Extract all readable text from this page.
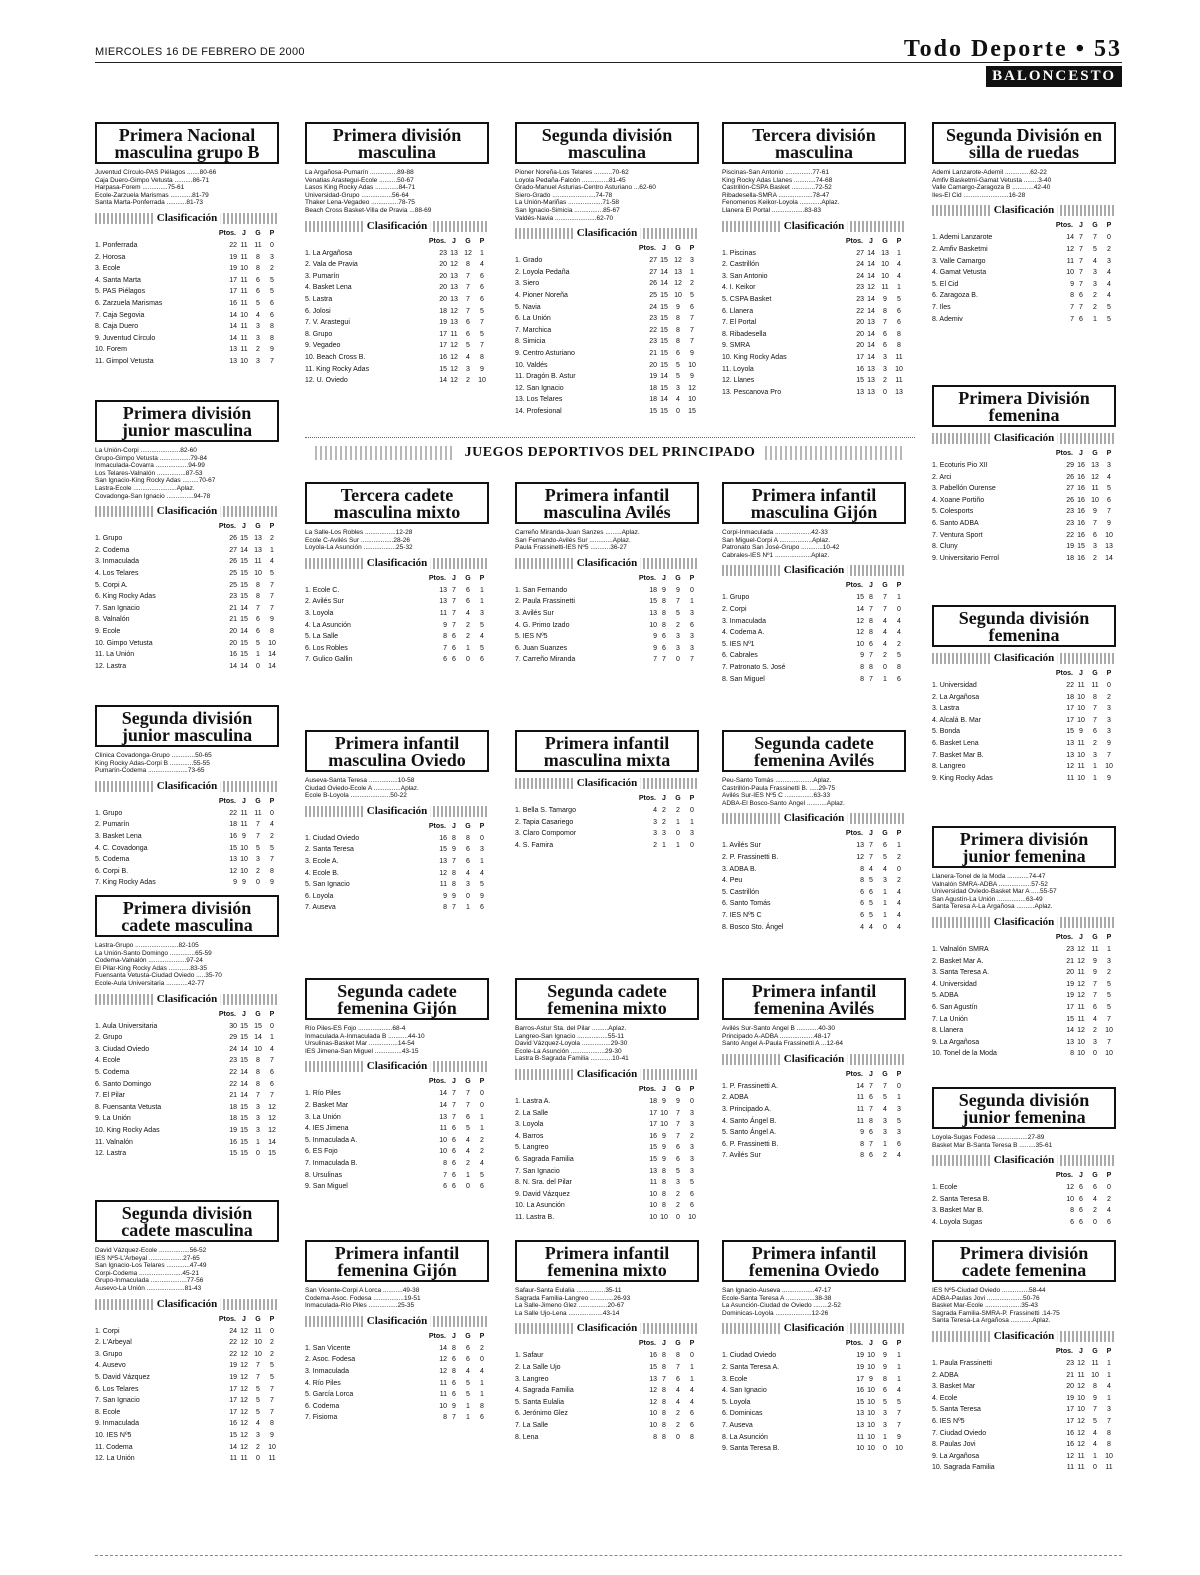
MIERCOLES 16 DE FEBRERO DE 2000	Todo Deporte • 53
BALONCESTO
JUEGOS DEPORTIVOS DEL PRINCIPADO
Primera Nacional masculina grupo B
Juventud Círculo-PAS Piélagos .......80-66
Caja Duero-Gimpo Vetusta ..........86-71
Harpasa-Forem ..............75-61
Ecole-Zarzuela Marismas ............81-79
Santa Marta-Ponferrada ...........81-73
Clasificación
	Ptos.	J	G	P
1. Ponferrada	22	11	11	0
2. Horosa	19	11	8	3
3. Ecole	19	10	8	2
4. Santa Marta	17	11	6	5
5. PAS Piélagos	17	11	6	5
6. Zarzuela Marismas	16	11	5	6
7. Caja Segovia	14	10	4	6
8. Caja Duero	14	11	3	8
9. Juventud Círculo	14	11	3	8
10. Forem	13	11	2	9
11. Gimpol Vetusta	13	10	3	7
Primera división masculina
La Argañosa-Pumarín ...............89-88
Venatias Arastegui-Ecole ..........50-67
Lasos King Rocky Adas .............84-71
Universidad-Grupo .................56-64
Thaker Lena-Vegadeo ...............78-75
Beach Cross Basket-Villa de Pravia ...88-69
Clasificación
	Ptos.	J	G	P
1. La Argañosa	23	13	12	1
2. Vala de Pravia	20	12	8	4
3. Pumarín	20	13	7	6
4. Basket Lena	20	13	7	6
5. Lastra	20	13	7	6
6. Jolosi	18	12	7	5
7. V. Arastegui	19	13	6	7
8. Grupo	17	11	6	5
9. Vegadeo	17	12	5	7
10. Beach Cross B.	16	12	4	8
11. King Rocky Adas	15	12	3	9
12. U. Oviedo	14	12	2	10
Segunda división masculina
Pioner Noreña-Los Telares ..........70-62
Loyola Pedaña-Falcón ...............81-45
Grado-Manuel Asturias-Centro Asturiano ...62-60
Siero-Grado ........................74-78
La Unión-Mariñas ...................71-58
San Ignacio-Simicia ................85-67
Valdés-Navia .......................62-70
Clasificación
	Ptos.	J	G	P
1. Grado	27	15	12	3
2. Loyola Pedaña	27	14	13	1
3. Siero	26	14	12	2
4. Pioner Noreña	25	15	10	5
5. Navia	24	15	9	6
6. La Unión	23	15	8	7
7. Marchica	22	15	8	7
8. Simicia	23	15	8	7
9. Centro Asturiano	21	15	6	9
10. Valdés	20	15	5	10
11. Dragón B. Astur	19	14	5	9
12. San Ignacio	18	15	3	12
13. Los Telares	18	14	4	10
14. Profesional	15	15	0	15
Tercera división masculina
Piscinas-San Antonio ...............77-61
King Rocky Adas Llanes ............74-68
Castrillón-CSPA Basket .............72-52
Ribadesella-SMRA ...................78-47
Fenomenos Keikor-Loyola ............Aplaz.
Llanera El Portal ..................83-83
Clasificación
	Ptos.	J	G	P
1. Piscinas	27	14	13	1
2. Castrillón	24	14	10	4
3. San Antonio	24	14	10	4
4. I. Keikor	23	12	11	1
5. CSPA Basket	23	14	9	5
6. Llanera	22	14	8	6
7. El Portal	20	13	7	6
8. Ribadesella	20	14	6	8
9. SMRA	20	14	6	8
10. King Rocky Adas	17	14	3	11
11. Loyola	16	13	3	10
12. Llanes	15	13	2	11
13. Pescanova Pro	13	13	0	13
Segunda División en silla de ruedas
Ademi Lanzarote-Ademil ..............62-22
Amfiv Basketmi-Gamat Vetusta ........3-40
Valle Camargo-Zaragoza B ............42-40
Iles-El Cid .........................16-28
Clasificación
	Ptos.	J	G	P
1. Ademi Lanzarote	14	7	7	0
2. Amfiv Basketmi	12	7	5	2
3. Valle Camargo	11	7	4	3
4. Gamat Vetusta	10	7	3	4
5. El Cid	9	7	3	4
6. Zaragoza B.	8	6	2	4
7. Iles	7	7	2	5
8. Ademiv	7	6	1	5
Primera división junior masculina
La Unión-Corpi ......................82-60
Grupo-Gimpo Vetusta .................79-84
Inmaculada-Covarra ..................94-99
Los Telares-Valnalón ................87-53
San Ignacio-King Rocky Adas .........70-67
Lastra-Ecole ........................Aplaz.
Covadonga-San Ignacio ...............94-78
Clasificación
	Ptos.	J	G	P
1. Grupo	26	15	13	2
2. Codema	27	14	13	1
3. Inmaculada	26	15	11	4
4. Los Telares	25	15	10	5
5. Corpi A.	25	15	8	7
6. King Rocky Adas	23	15	8	7
7. San Ignacio	21	14	7	7
8. Valnalón	21	15	6	9
9. Ecole	20	14	6	8
10. Gimpo Vetusta	20	15	5	10
11. La Unión	16	15	1	14
12. Lastra	14	14	0	14
Segunda división junior masculina
Clinica Covadonga-Grupo .............50-65
King Rocky Adas-Corpi B .............55-55
Pumarín-Codema ......................73-65
Clasificación
	Ptos.	J	G	P
1. Grupo	22	11	11	0
2. Pumarín	18	11	7	4
3. Basket Lena	16	9	7	2
4. C. Covadonga	15	10	5	5
5. Codema	13	10	3	7
6. Corpi B.	12	10	2	8
7. King Rocky Adas	9	9	0	9
Primera división cadete masculina
Lastra-Grupo ........................82-105
La Unión-Santo Domingo ..............65-59
Codema-Valnalón .....................97-24
El Pilar-King Rocky Adas ............83-35
Fuensanta Vetusta-Ciudad Oviedo .....35-70
Ecole-Aula Universitaria ............42-77
Clasificación
	Ptos.	J	G	P
1. Aula Universitaria	30	15	15	0
2. Grupo	29	15	14	1
3. Ciudad Oviedo	24	14	10	4
4. Ecole	23	15	8	7
5. Codema	22	14	8	6
6. Santo Domingo	22	14	8	6
7. El Pilar	21	14	7	7
8. Fuensanta Vetusta	18	15	3	12
9. La Unión	18	15	3	12
10. King Rocky Adas	19	15	3	12
11. Valnalón	16	15	1	14
12. Lastra	15	15	0	15
Segunda división cadete masculina
David Vázquez-Ecole .................56-52
IES Nº5-L'Arbeyal ...................27-65
San Ignacio-Los Telares .............47-49
Corpi-Codema ........................45-21
Grupo-Inmaculada ....................77-56
Ausevo-La Unión .....................81-43
Clasificación
	Ptos.	J	G	P
1. Corpi	24	12	11	0
2. L'Arbeyal	22	12	10	2
3. Grupo	22	12	10	2
4. Ausevo	19	12	7	5
5. David Vázquez	19	12	7	5
6. Los Telares	17	12	5	7
7. San Ignacio	17	12	5	7
8. Ecole	17	12	5	7
9. Inmaculada	16	12	4	8
10. IES Nº5	15	12	3	9
11. Codema	14	12	2	10
12. La Unión	11	11	0	11
Tercera cadete masculina mixto
La Salle-Los Robles .................12-28
Ecole C-Avilés Sur ..................28-26
Loyola-La Asunción ..................25-32
Clasificación
	Ptos.	J	G	P
1. Ecole C.	13	7	6	1
2. Avilés Sur	13	7	6	1
3. Loyola	11	7	4	3
4. La Asunción	9	7	2	5
5. La Salle	8	6	2	4
6. Los Robles	7	6	1	5
7. Gulico Gallin	6	6	0	6
Primera infantil masculina Avilés
Carreño Miranda-Juan Sanzes .........Aplaz.
San Fernando-Avilés Sur .............Aplaz.
Paula Frassinetti-IES Nº5 ...........36-27
Clasificación
	Ptos.	J	G	P
1. San Fernando	18	9	9	0
2. Paula Frassinetti	15	8	7	1
3. Avilés Sur	13	8	5	3
4. G. Primo Izado	10	8	2	6
5. IES Nº5	9	6	3	3
6. Juan Suanzes	9	6	3	3
7. Carreño Miranda	7	7	0	7
Primera infantil masculina Gijón
Corpi-Inmaculada ....................42-33
San Miguel-Corpi A ..................Aplaz.
Patronato San José-Grupo ............10-42
Cabrales-IES Nº1 ....................Aplaz.
Clasificación
	Ptos.	J	G	P
1. Grupo	15	8	7	1
2. Corpi	14	7	7	0
3. Inmaculada	12	8	4	4
4. Codema A.	12	8	4	4
5. IES Nº1	10	6	4	2
6. Cabrales	9	7	2	5
7. Patronato S. José	8	8	0	8
8. San Miguel	8	7	1	6
Primera infantil masculina Oviedo
Auseva-Santa Teresa ................10-58
Ciudad Oviedo-Ecole A ...............Aplaz.
Ecole B-Loyola ......................50-22
Clasificación
	Ptos.	J	G	P
1. Ciudad Oviedo	16	8	8	0
2. Santa Teresa	15	9	6	3
3. Ecole A.	13	7	6	1
4. Ecole B.	12	8	4	4
5. San Ignacio	11	8	3	5
6. Loyola	9	9	0	9
7. Auseva	8	7	1	6
Primera infantil masculina mixta
Clasificación
	Ptos.	J	G	P
1. Bella S. Tamargo	4	2	2	0
2. Tapia Casariego	3	2	1	1
3. Claro Compomor	3	3	0	3
4. S. Famira	2	1	1	0
Segunda cadete femenina Avilés
Peu-Santo Tomás .....................Aplaz.
Castrillón-Paula Frassinetti B. .....29-75
Avilés Sur-IES Nº5 C ................63-33
ADBA-El Bosco-Santo Ángel ...........Aplaz.
Clasificación
	Ptos.	J	G	P
1. Avilés Sur	13	7	6	1
2. P. Frassinetti B.	12	7	5	2
3. ADBA B.	8	4	4	0
4. Peu	8	5	3	2
5. Castrillón	6	6	1	4
6. Santo Tomás	6	5	1	4
7. IES Nº5 C	6	5	1	4
8. Bosco Sto. Ángel	4	4	0	4
Segunda cadete femenina Gijón
Río Piles-ES Fojo ...................68-4
Inmaculada A-Inmaculada B ...........44-10
Ursulinas-Basket Mar ................14-54
IES Jimena-San Miguel ...............43-15
Clasificación
	Ptos.	J	G	P
1. Río Piles	14	7	7	0
2. Basket Mar	14	7	7	0
3. La Unión	13	7	6	1
4. IES Jimena	11	6	5	1
5. Inmaculada A.	10	6	4	2
6. ES Fojo	10	6	4	2
7. Inmaculada B.	8	6	2	4
8. Ursulinas	7	6	1	5
9. San Miguel	6	6	0	6
Segunda cadete femenina mixto
Barros-Astur Sta. del Pilar .........Aplaz.
Langreo-San Ignacio .................55-11
David Vázquez-Loyola ................29-30
Ecole-La Asunción ...................29-30
Lastra B-Sagrada Familia ............10-41
Clasificación
	Ptos.	J	G	P
1. Lastra A.	18	9	9	0
2. La Salle	17	10	7	3
3. Loyola	17	10	7	3
4. Barros	16	9	7	2
5. Langreo	15	9	6	3
6. Sagrada Familia	15	9	6	3
7. San Ignacio	13	8	5	3
8. N. Sra. del Pilar	11	8	3	5
9. David Vázquez	10	8	2	6
10. La Asunción	10	8	2	6
11. Lastra B.	10	10	0	10
Primera infantil femenina Avilés
Avilés Sur-Santo Ángel B ............40-30
Principado A-ADBA ...................48-17
Santo Ángel A-Paula Frassinetti A ...12-64
Clasificación
	Ptos.	J	G	P
1. P. Frassinetti A.	14	7	7	0
2. ADBA	11	6	5	1
3. Principado A.	11	7	4	3
4. Santo Ángel B.	11	8	3	5
5. Santo Ángel A.	9	6	3	3
6. P. Frassinetti B.	8	7	1	6
7. Avilés Sur	8	6	2	4
Primera infantil femenina Gijón
San Vicente-Corpi A Lorca ...........49-38
Codema-Asoc. Fodesa .................19-51
Inmaculada-Río Piles ................25-35
Clasificación
	Ptos.	J	G	P
1. San Vicente	14	8	6	2
2. Asoc. Fodesa	12	6	6	0
3. Inmaculada	12	8	4	4
4. Río Piles	11	6	5	1
5. García Lorca	11	6	5	1
6. Codema	10	9	1	8
7. Fisioma	8	7	1	6
Primera infantil femenina mixto
Safaur-Santa Eulalia ................35-11
Sagrada Familia-Langreo .............26-93
La Salle-Jimeno Glez ................20-67
La Salle Ujo-Lena ...................43-14
Clasificación
	Ptos.	J	G	P
1. Safaur	16	8	8	0
2. La Salle Ujo	15	8	7	1
3. Langreo	13	7	6	1
4. Sagrada Familia	12	8	4	4
5. Santa Eulalia	12	8	4	4
6. Jerónimo Glez	10	8	2	6
7. La Salle	10	8	2	6
8. Lena	8	8	0	8
Primera infantil femenina Oviedo
San Ignacio-Auseva ..................47-17
Ecole-Santa Teresa A ................38-38
La Asunción-Ciudad de Oviedo ........2-52
Dominicas-Loyola ....................12-26
Clasificación
	Ptos.	J	G	P
1. Ciudad Oviedo	19	10	9	1
2. Santa Teresa A.	19	10	9	1
3. Ecole	17	9	8	1
4. San Ignacio	16	10	6	4
5. Loyola	15	10	5	5
6. Dominicas	13	10	3	7
7. Auseva	13	10	3	7
8. La Asunción	11	10	1	9
9. Santa Teresa B.	10	10	0	10
Primera División femenina
Clasificación
	Ptos.	J	G	P
1. Ecoturis Pio XII	29	16	13	3
2. Arci	26	16	12	4
3. Pabellón Ourense	27	16	11	5
4. Xoane Portiño	26	16	10	6
5. Colesports	23	16	9	7
6. Santo ADBA	23	16	7	9
7. Ventura Sport	22	16	6	10
8. Cluny	19	15	3	13
9. Universitario Ferrol	18	16	2	14
Segunda división femenina
Clasificación
	Ptos.	J	G	P
1. Universidad	22	11	11	0
2. La Argañosa	18	10	8	2
3. Lastra	17	10	7	3
4. Alcalá B. Mar	17	10	7	3
5. Bonda	15	9	6	3
6. Basket Lena	13	11	2	9
7. Basket Mar B.	13	10	3	7
8. Langreo	12	11	1	10
9. King Rocky Adas	11	10	1	9
Primera división junior femenina
Llanera-Tonel de la Moda ............74-47
Valnalón SMRA-ADBA ..................57-52
Universidad Oviedo-Basket Mar A .....55-57
San Agustín-La Unión ................63-49
Santa Teresa A-La Argañosa ..........Aplaz.
Clasificación
	Ptos.	J	G	P
1. Valnalón SMRA	23	12	11	1
2. Basket Mar A.	21	12	9	3
3. Santa Teresa A.	20	11	9	2
4. Universidad	19	12	7	5
5. ADBA	19	12	7	5
6. San Agustín	17	11	6	5
7. La Unión	15	11	4	7
8. Llanera	14	12	2	10
9. La Argañosa	13	10	3	7
10. Tonel de la Moda	8	10	0	10
Segunda división junior femenina
Loyola-Sugas Fodesa .................27-89
Basket Mar B-Santa Teresa B .........35-61
Clasificación
	Ptos.	J	G	P
1. Ecole	12	6	6	0
2. Santa Teresa B.	10	6	4	2
3. Basket Mar B.	8	6	2	4
4. Loyola Sugas	6	6	0	6
Primera división cadete femenina
IES Nº5-Ciudad Oviedo ...............58-44
ADBA-Paulas Jovi ....................50-76
Basket Mar-Ecole ....................35-43
Sagrada Familia-SMRA-P. Frassinetti .14-75
Santa Teresa-La Argañosa ............Aplaz.
Clasificación
	Ptos.	J	G	P
1. Paula Frassinetti	23	12	11	1
2. ADBA	21	11	10	1
3. Basket Mar	20	12	8	4
4. Ecole	19	10	9	1
5. Santa Teresa	17	10	7	3
6. IES Nº5	17	12	5	7
7. Ciudad Oviedo	16	12	4	8
8. Paulas Jovi	16	12	4	8
9. La Argañosa	12	11	1	10
10. Sagrada Familia	11	11	0	11
